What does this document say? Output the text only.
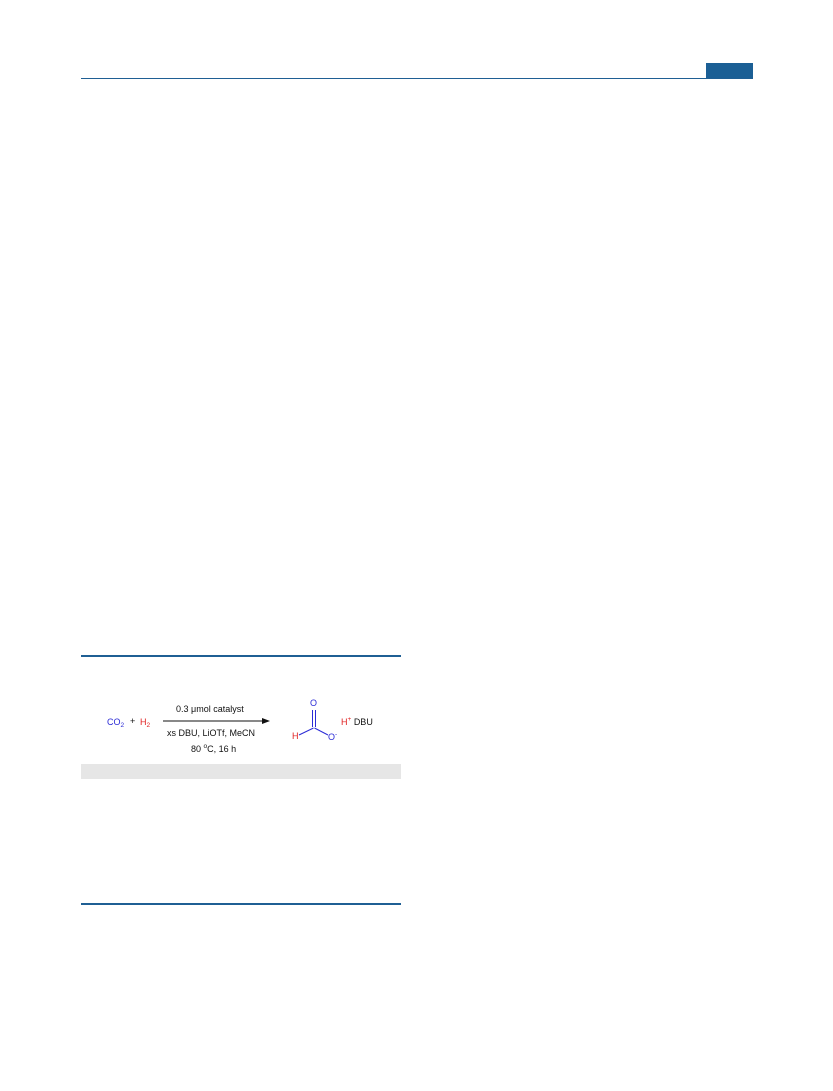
$CO_2 + H_2$
0.3 μmol catalyst
xs DBU, LiOTf, MeCN
80 $^o$C, 16 h
O
H	O-
H+ DBU
